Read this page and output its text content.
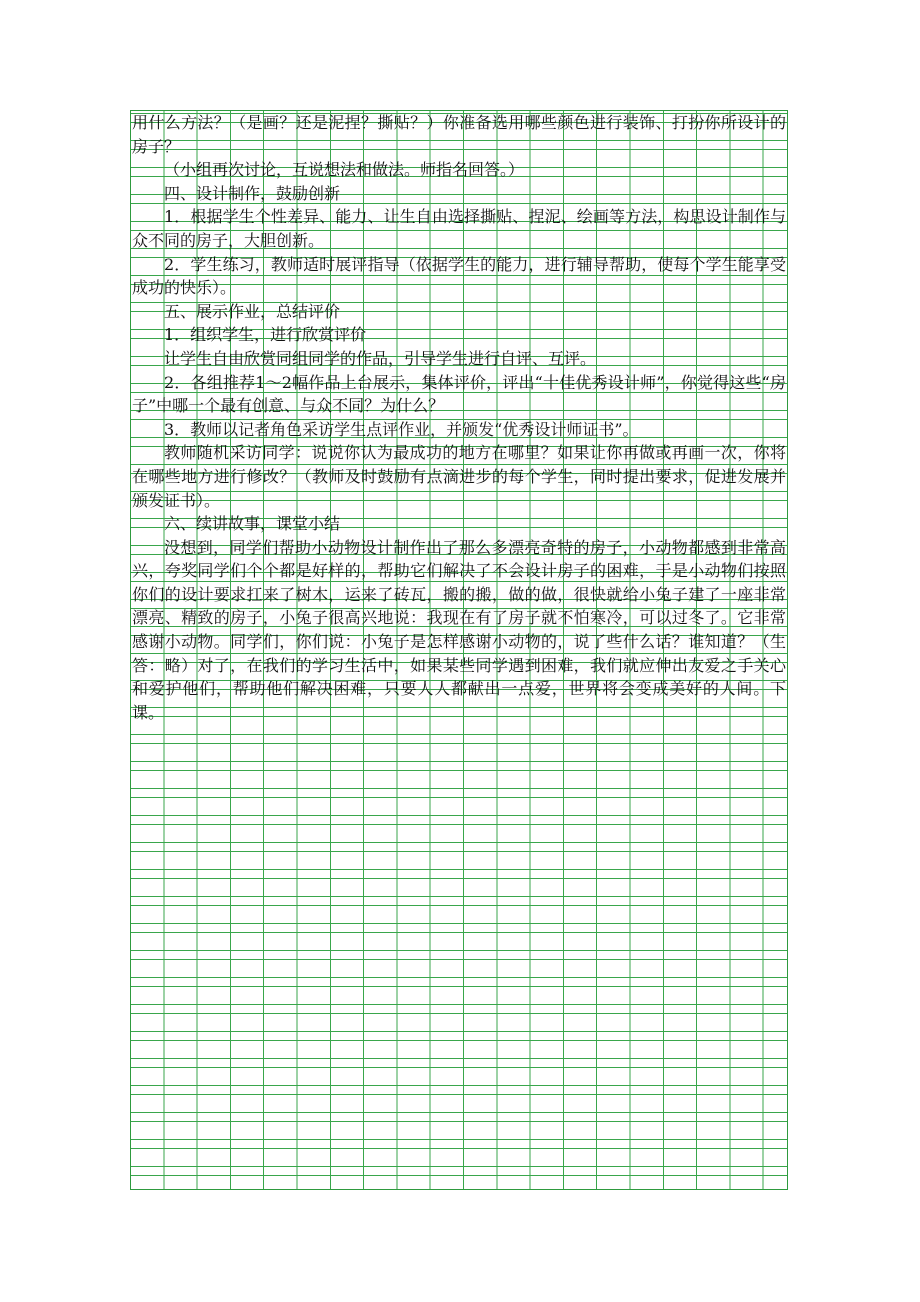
用什么方法？（是画？还是泥捏？撕贴？）你准备选用哪些颜色进行装饰、打扮你所设计的房子？

（小组再次讨论，互说想法和做法。师指名回答。）

四、设计制作，鼓励创新

1．根据学生个性差异、能力、让生自由选择撕贴、捏泥、绘画等方法，构思设计制作与众不同的房子，大胆创新。

2．学生练习，教师适时展评指导（依据学生的能力，进行辅导帮助，使每个学生能享受成功的快乐）。

五、展示作业，总结评价

1．组织学生，进行欣赏评价

让学生自由欣赏同组同学的作品，引导学生进行自评、互评。

2．各组推荐1～2幅作品上台展示，集体评价，评出“十佳优秀设计师”，你觉得这些“房子”中哪一个最有创意、与众不同？为什么？

3．教师以记者角色采访学生点评作业，并颁发“优秀设计师证书”。

教师随机采访同学：说说你认为最成功的地方在哪里？如果让你再做或再画一次，你将在哪些地方进行修改？（教师及时鼓励有点滴进步的每个学生，同时提出要求，促进发展并颁发证书）。

六、续讲故事，课堂小结

没想到，同学们帮助小动物设计制作出了那么多漂亮奇特的房子，小动物都感到非常高兴，夸奖同学们个个都是好样的，帮助它们解决了不会设计房子的困难，于是小动物们按照你们的设计要求扛来了树木，运来了砖瓦，搬的搬，做的做，很快就给小兔子建了一座非常漂亮、精致的房子，小兔子很高兴地说：我现在有了房子就不怕寒冷，可以过冬了。它非常感谢小动物。同学们，你们说：小兔子是怎样感谢小动物的，说了些什么话？谁知道？（生答：略）对了，在我们的学习生活中，如果某些同学遇到困难，我们就应伸出友爱之手关心和爱护他们，帮助他们解决困难，只要人人都献出一点爱，世界将会变成美好的人间。下课。
